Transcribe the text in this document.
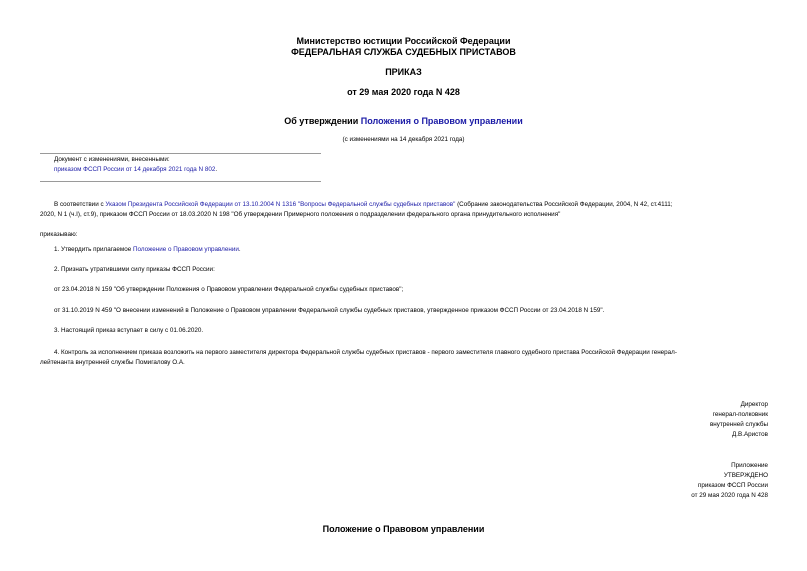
Министерство юстиции Российской Федерации
ФЕДЕРАЛЬНАЯ СЛУЖБА СУДЕБНЫХ ПРИСТАВОВ
ПРИКАЗ
от 29 мая 2020 года N 428
Об утверждении Положения о Правовом управлении
(с изменениями на 14 декабря 2021 года)
Документ с изменениями, внесенными:
приказом ФССП России от 14 декабря 2021 года N 802.
В соответствии с Указом Президента Российской Федерации от 13.10.2004 N 1316 "Вопросы Федеральной службы судебных приставов" (Собрание законодательства Российской Федерации, 2004, N 42, ст.4111;
2020, N 1 (ч.I), ст.9), приказом ФССП России от 18.03.2020 N 198 "Об утверждении Примерного положения о подразделении федерального органа принудительного исполнения"
приказываю:
1. Утвердить прилагаемое Положение о Правовом управлении.
2. Признать утратившими силу приказы ФССП России:
от 23.04.2018 N 159 "Об утверждении Положения о Правовом управлении Федеральной службы судебных приставов";
от 31.10.2019 N 459 "О внесении изменений в Положение о Правовом управлении Федеральной службы судебных приставов, утвержденное приказом ФССП России от 23.04.2018 N 159".
3. Настоящий приказ вступает в силу с 01.06.2020.
4. Контроль за исполнением приказа возложить на первого заместителя директора Федеральной службы судебных приставов - первого заместителя главного судебного пристава Российской Федерации генерал-
лейтенанта внутренней службы Помигалову О.А.
Директор
генерал-полковник
внутренней службы
Д.В.Аристов
Приложение
УТВЕРЖДЕНО
приказом ФССП России
от 29 мая 2020 года N 428
Положение о Правовом управлении
